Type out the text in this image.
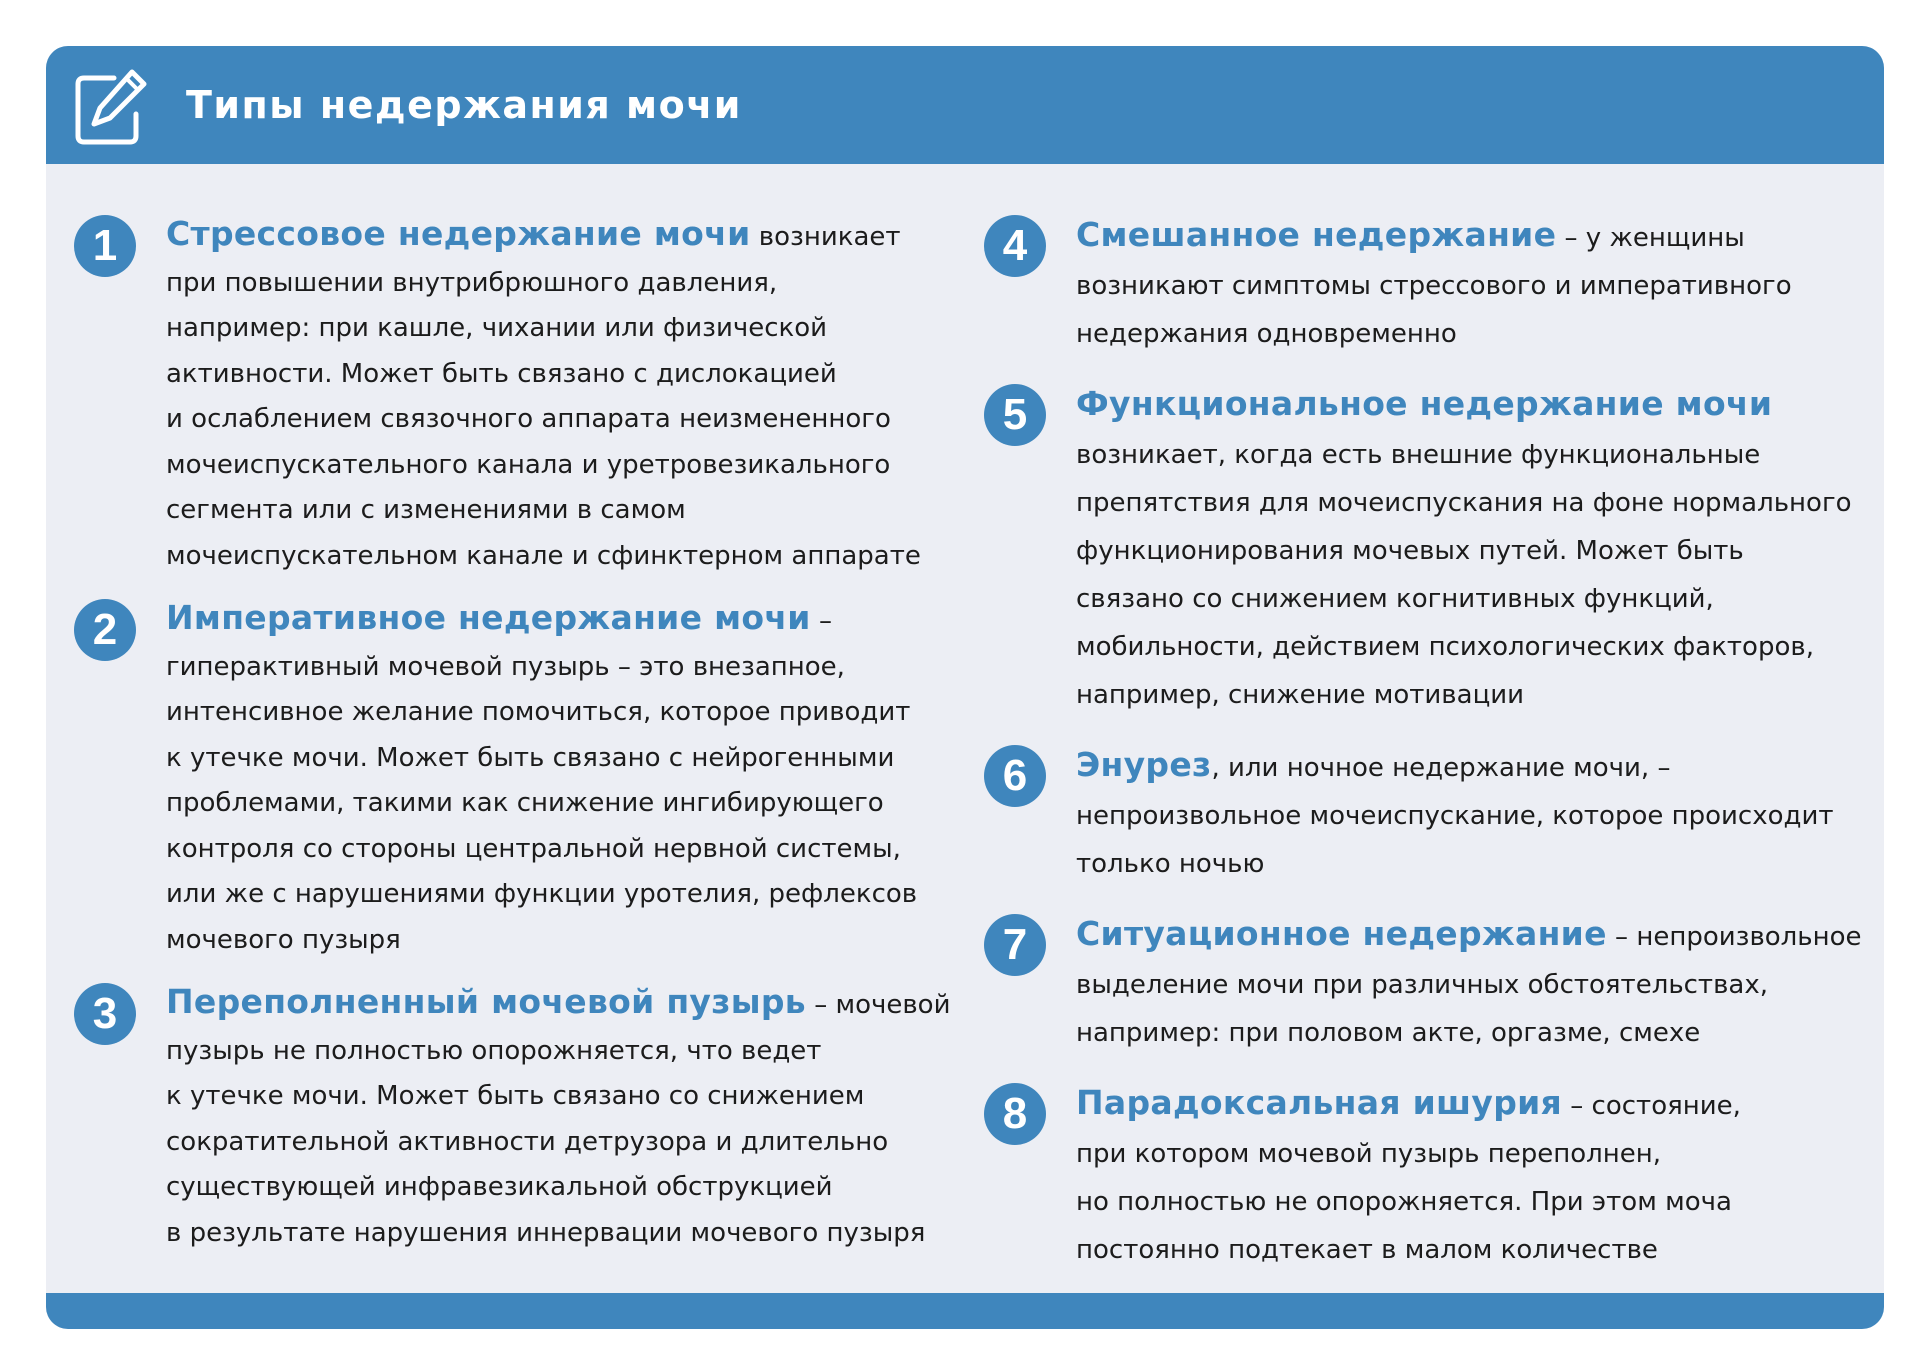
Типы недержания мочи
1	Стрессовое недержание мочи возникает
при повышении внутрибрюшного давления,
например: при кашле, чихании или физической
активности. Может быть связано с дислокацией
и ослаблением связочного аппарата неизмененного
мочеиспускательного канала и уретровезикального
сегмента или с изменениями в самом
мочеиспускательном канале и сфинктерном аппарате

2	Императивное недержание мочи –
гиперактивный мочевой пузырь – это внезапное,
интенсивное желание помочиться, которое приводит
к утечке мочи. Может быть связано с нейрогенными
проблемами, такими как снижение ингибирующего
контроля со стороны центральной нервной системы,
или же с нарушениями функции уротелия, рефлексов
мочевого пузыря

3	Переполненный мочевой пузырь – мочевой
пузырь не полностью опорожняется, что ведет
к утечке мочи. Может быть связано со снижением
сократительной активности детрузора и длительно
существующей инфравезикальной обструкцией
в результате нарушения иннервации мочевого пузыря

4	Смешанное недержание – у женщины
возникают симптомы стрессового и императивного
недержания одновременно

5	Функциональное недержание мочи
возникает, когда есть внешние функциональные
препятствия для мочеиспускания на фоне нормального
функционирования мочевых путей. Может быть
связано со снижением когнитивных функций,
мобильности, действием психологических факторов,
например, снижение мотивации

6	Энурез, или ночное недержание мочи, –
непроизвольное мочеиспускание, которое происходит
только ночью

7	Ситуационное недержание – непроизвольное
выделение мочи при различных обстоятельствах,
например: при половом акте, оргазме, смехе

8	Парадоксальная ишурия – состояние,
при котором мочевой пузырь переполнен,
но полностью не опорожняется. При этом моча
постоянно подтекает в малом количестве
